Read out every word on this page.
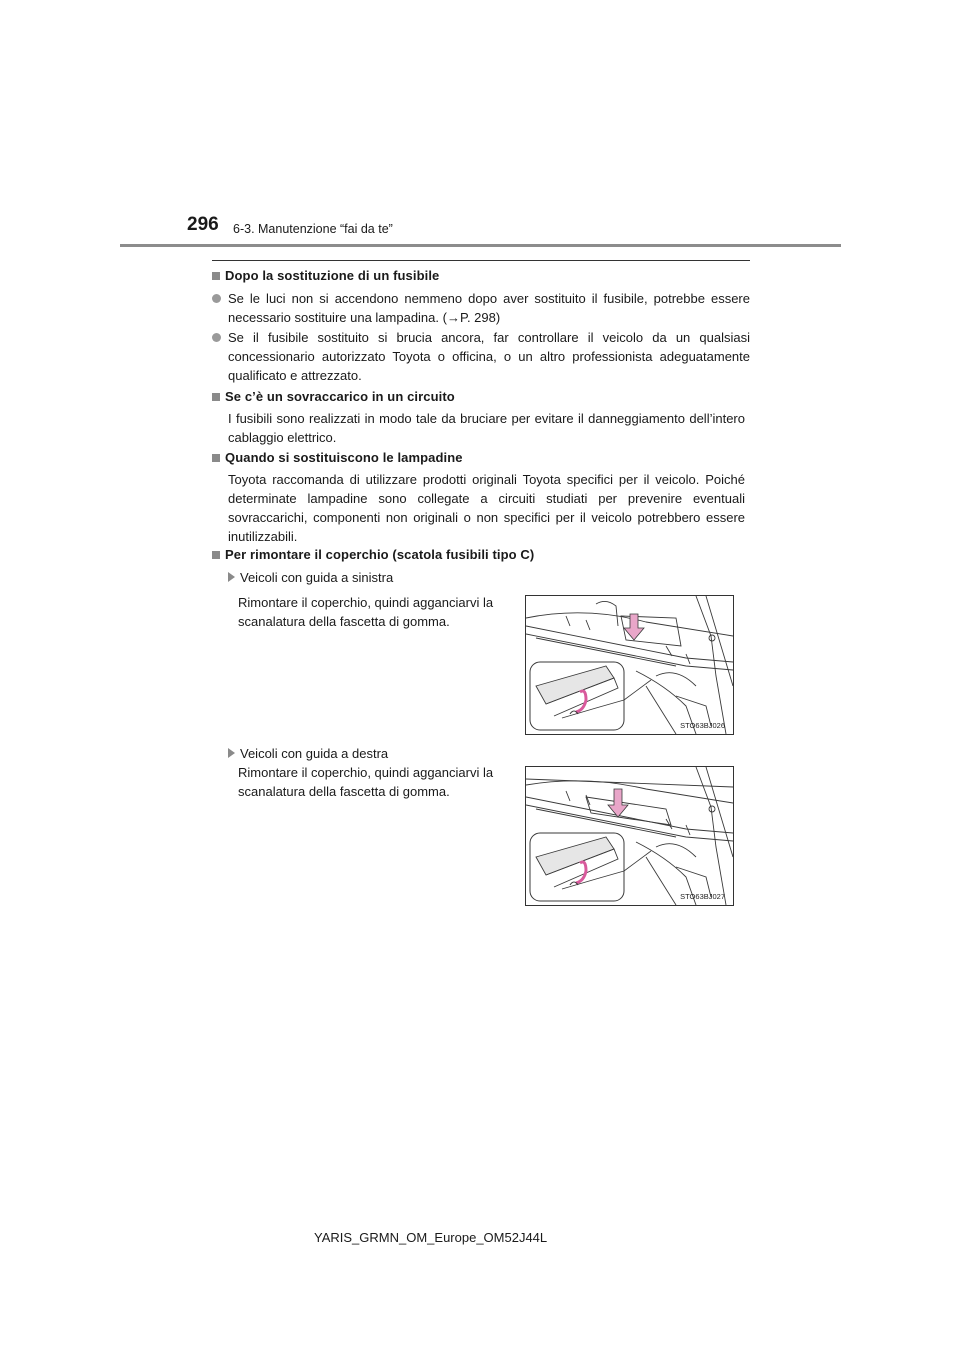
296 6-3. Manutenzione “fai da te”
Dopo la sostituzione di un fusibile
Se le luci non si accendono nemmeno dopo aver sostituito il fusibile, potrebbe essere necessario sostituire una lampadina. (→P. 298)
Se il fusibile sostituito si brucia ancora, far controllare il veicolo da un qualsiasi concessionario autorizzato Toyota o officina, o un altro professionista adeguatamente qualificato e attrezzato.
Se c’è un sovraccarico in un circuito
I fusibili sono realizzati in modo tale da bruciare per evitare il danneggiamento dell’intero cablaggio elettrico.
Quando si sostituiscono le lampadine
Toyota raccomanda di utilizzare prodotti originali Toyota specifici per il veicolo. Poiché determinate lampadine sono collegate a circuiti studiati per prevenire eventuali sovraccarichi, componenti non originali o non specifici per il veicolo potrebbero essere inutilizzabili.
Per rimontare il coperchio (scatola fusibili tipo C)
Veicoli con guida a sinistra
Rimontare il coperchio, quindi agganciarvi la scanalatura della fascetta di gomma.
STO63BJ026
Veicoli con guida a destra
Rimontare il coperchio, quindi agganciarvi la scanalatura della fascetta di gomma.
STO63BJ027
YARIS_GRMN_OM_Europe_OM52J44L
